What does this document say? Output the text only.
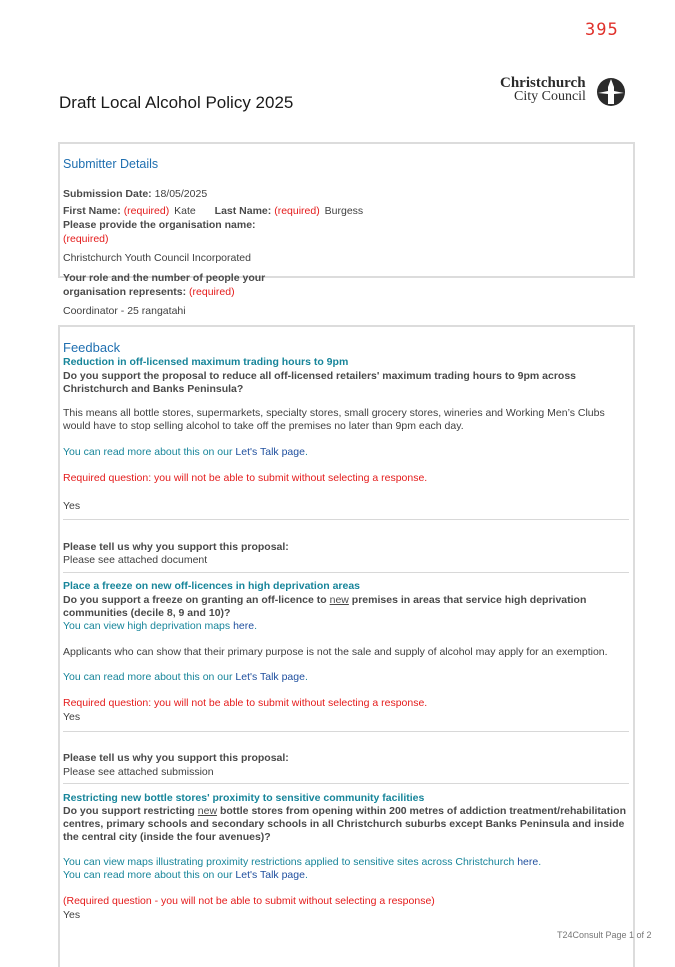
395
Draft Local Alcohol Policy 2025
Christchurch
City Council
Submitter Details
Submission Date: 18/05/2025
First Name: (required) Kate Last Name: (required) Burgess
Please provide the organisation name:
(required)
Christchurch Youth Council Incorporated
Your role and the number of people your
organisation represents: (required)
Coordinator - 25 rangatahi
Feedback
Reduction in off-licensed maximum trading hours to 9pm
Do you support the proposal to reduce all off-licensed retailers' maximum trading hours to 9pm across Christchurch and Banks Peninsula?
This means all bottle stores, supermarkets, specialty stores, small grocery stores, wineries and Working Men’s Clubs would have to stop selling alcohol to take off the premises no later than 9pm each day.
You can read more about this on our Let's Talk page.
Required question: you will not be able to submit without selecting a response.
Yes
Please tell us why you support this proposal:
Please see attached document
Place a freeze on new off-licences in high deprivation areas
Do you support a freeze on granting an off-licence to new premises in areas that service high deprivation communities (decile 8, 9 and 10)?
You can view high deprivation maps here.
Applicants who can show that their primary purpose is not the sale and supply of alcohol may apply for an exemption.
You can read more about this on our Let's Talk page.
Required question: you will not be able to submit without selecting a response.
Yes
Please tell us why you support this proposal:
Please see attached submission
Restricting new bottle stores' proximity to sensitive community facilities
Do you support restricting new bottle stores from opening within 200 metres of addiction treatment/rehabilitation centres, primary schools and secondary schools in all Christchurch suburbs except Banks Peninsula and inside the central city (inside the four avenues)?
You can view maps illustrating proximity restrictions applied to sensitive sites across Christchurch here.
You can read more about this on our Let's Talk page.
(Required question - you will not be able to submit without selecting a response)
Yes
T24Consult Page 1 of 2
